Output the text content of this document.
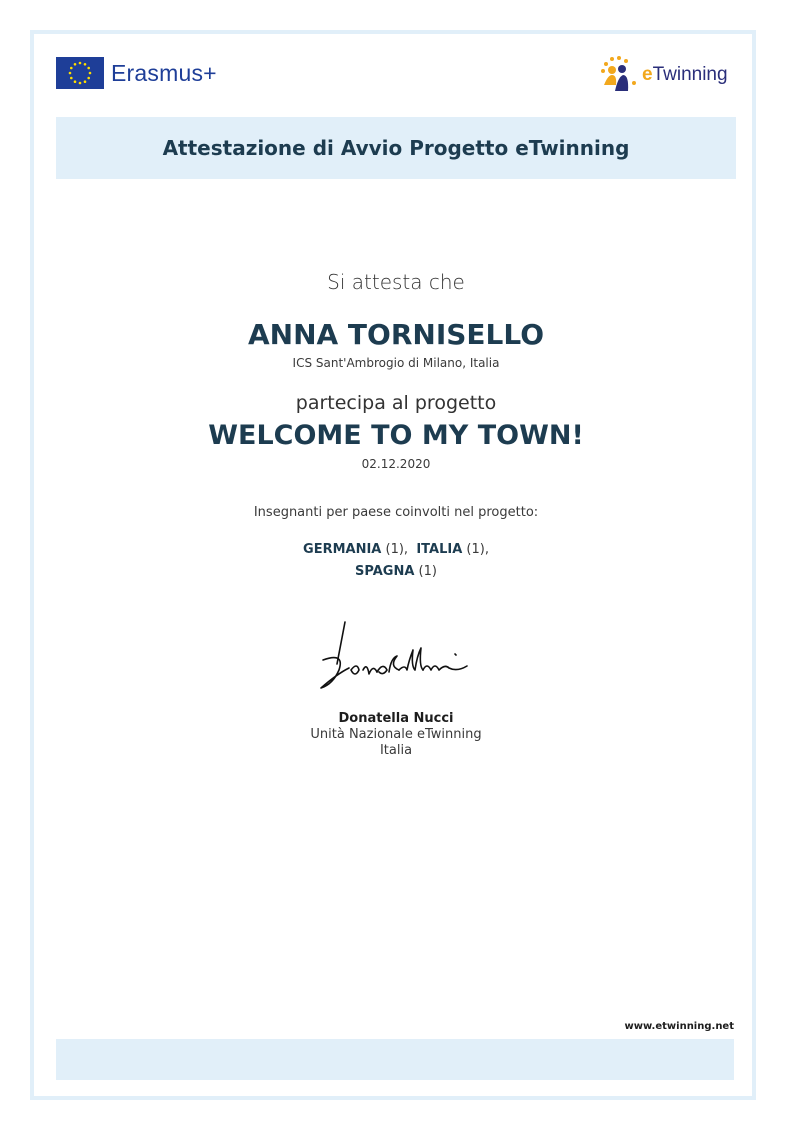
Erasmus+	eTwinning
Attestazione di Avvio Progetto eTwinning
Si attesta che
ANNA TORNISELLO
ICS Sant'Ambrogio di Milano, Italia
partecipa al progetto
WELCOME TO MY TOWN!
02.12.2020
Insegnanti per paese coinvolti nel progetto:
GERMANIA (1), ITALIA (1),
SPAGNA (1)
Donatella Nucci
Unità Nazionale eTwinning
Italia
www.etwinning.net
